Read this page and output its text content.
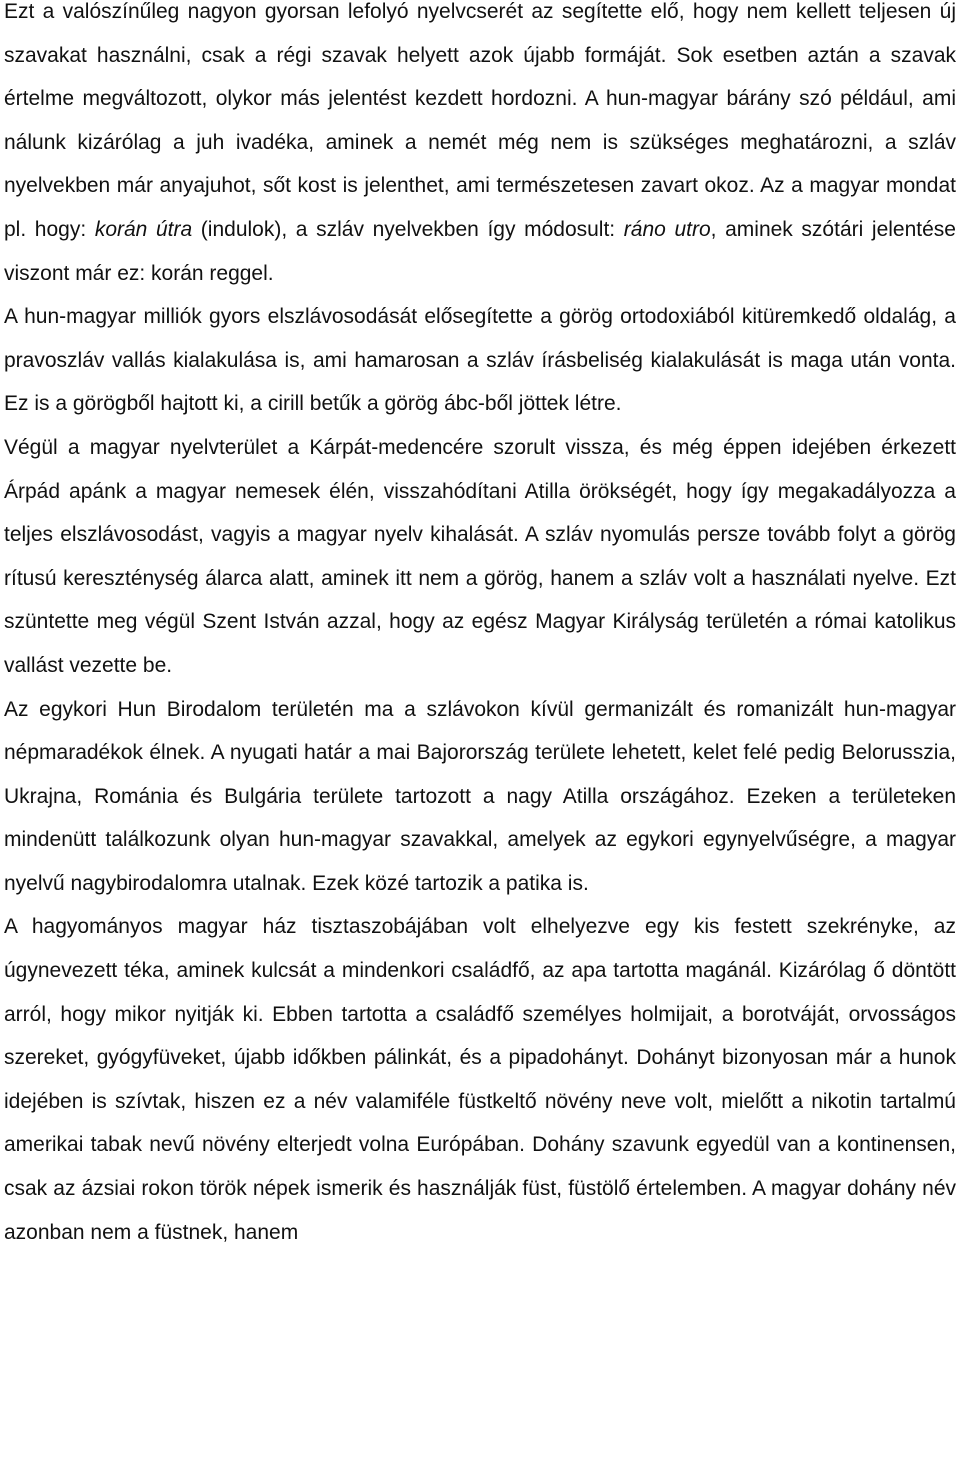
Ezt a valószínűleg nagyon gyorsan lefolyó nyelvcserét az segítette elő, hogy nem kellett teljesen új szavakat használni, csak a régi szavak helyett azok újabb formáját. Sok esetben aztán a szavak értelme megváltozott, olykor más jelentést kezdett hordozni. A hun-magyar bárány szó például, ami nálunk kizárólag a juh ivadéka, aminek a nemét még nem is szükséges meghatározni, a szláv nyelvekben már anyajuhot, sőt kost is jelenthet, ami természetesen zavart okoz. Az a magyar mondat pl. hogy: korán útra (indulok), a szláv nyelvekben így módosult: ráno utro, aminek szótári jelentése viszont már ez: korán reggel.

A hun-magyar milliók gyors elszlávosodását elősegítette a görög ortodoxiából kitüremkedő oldalág, a pravoszláv vallás kialakulása is, ami hamarosan a szláv írásbeliség kialakulását is maga után vonta. Ez is a görögből hajtott ki, a cirill betűk a görög ábc-ből jöttek létre.

Végül a magyar nyelvterület a Kárpát-medencére szorult vissza, és még éppen idejében érkezett Árpád apánk a magyar nemesek élén, visszahódítani Atilla örökségét, hogy így megakadályozza a teljes elszlávosodást, vagyis a magyar nyelv kihalását. A szláv nyomulás persze tovább folyt a görög rítusú kereszténység álarca alatt, aminek itt nem a görög, hanem a szláv volt a használati nyelve. Ezt szüntette meg végül Szent István azzal, hogy az egész Magyar Királyság területén a római katolikus vallást vezette be.

Az egykori Hun Birodalom területén ma a szlávokon kívül germanizált és romanizált hun-magyar népmaradékok élnek. A nyugati határ a mai Bajorország területe lehetett, kelet felé pedig Belorusszia, Ukrajna, Románia és Bulgária területe tartozott a nagy Atilla országához. Ezeken a területeken mindenütt találkozunk olyan hun-magyar szavakkal, amelyek az egykori egynyelvűségre, a magyar nyelvű nagybirodalomra utalnak. Ezek közé tartozik a patika is.

A hagyományos magyar ház tisztaszobájában volt elhelyezve egy kis festett szekrényke, az úgynevezett téka, aminek kulcsát a mindenkori családfő, az apa tartotta magánál. Kizárólag ő döntött arról, hogy mikor nyitják ki. Ebben tartotta a családfő személyes holmijait, a borotváját, orvosságos szereket, gyógyfüveket, újabb időkben pálinkát, és a pipadohányt. Dohányt bizonyosan már a hunok idejében is szívtak, hiszen ez a név valamiféle füstkeltő növény neve volt, mielőtt a nikotin tartalmú amerikai tabak nevű növény elterjedt volna Európában. Dohány szavunk egyedül van a kontinensen, csak az ázsiai rokon török népek ismerik és használják füst, füstölő értelemben. A magyar dohány név azonban nem a füstnek, hanem
